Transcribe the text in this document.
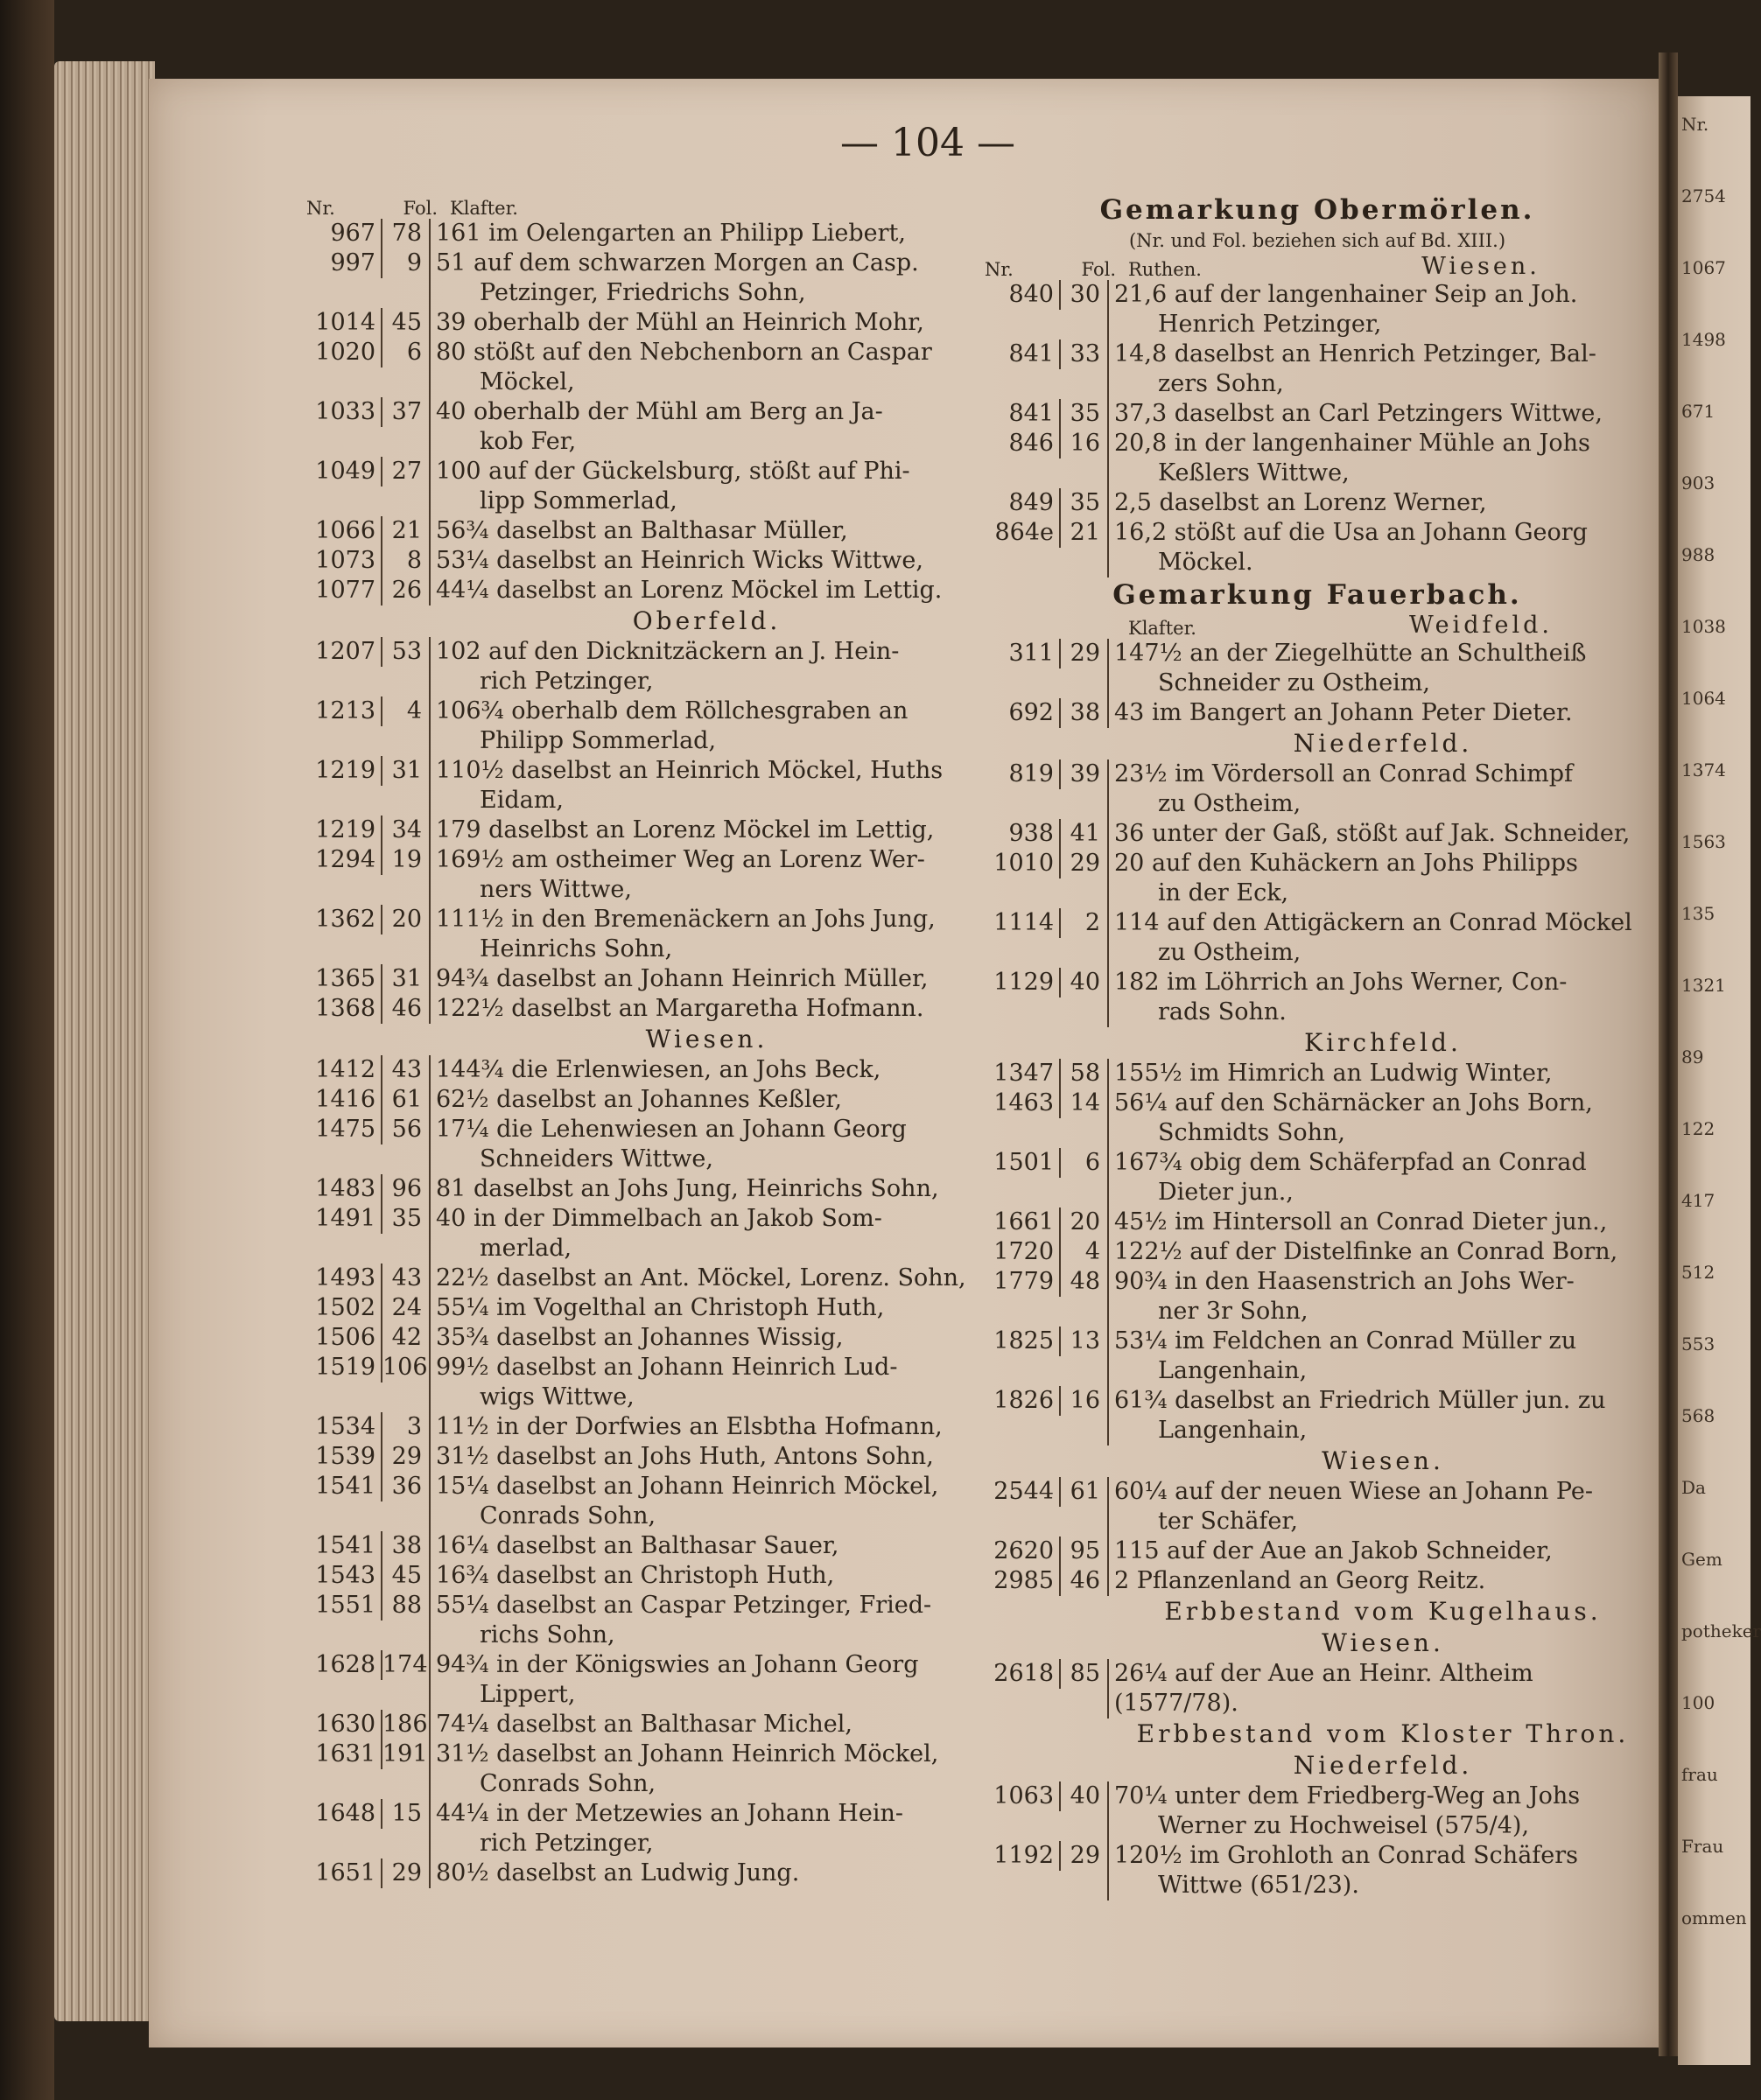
Nr.
2754
1067
1498
671
903
988
1038
1064
1374
1563
135
1321
89
122
417
512
553
568
Da
Gem
potheker
100
frau
Frau
ommen
— 104 —
Nr.	Fol. Klafter.
967 78 161 im Oelengarten an Philipp Liebert,
997	9 51 auf dem schwarzen Morgen an Casp.
Petzinger, Friedrichs Sohn,
1014 45 39 oberhalb der Mühl an Heinrich Mohr,
1020	6 80 stößt auf den Nebchenborn an Caspar
Möckel,
1033 37 40 oberhalb der Mühl am Berg an Ja-
kob Fer,
1049 27 100 auf der Gückelsburg, stößt auf Phi-
lipp Sommerlad,
1066 21 56¾ daselbst an Balthasar Müller,
1073	8 53¼ daselbst an Heinrich Wicks Wittwe,
1077 26 44¼ daselbst an Lorenz Möckel im Lettig.
Oberfeld.
1207 53 102 auf den Dicknitzäckern an J. Hein-
rich Petzinger,
1213	4 106¾ oberhalb dem Röllchesgraben an
Philipp Sommerlad,
1219 31 110½ daselbst an Heinrich Möckel, Huths
Eidam,
1219 34 179 daselbst an Lorenz Möckel im Lettig,
1294 19 169½ am ostheimer Weg an Lorenz Wer-
ners Wittwe,
1362 20 111½ in den Bremenäckern an Johs Jung,
Heinrichs Sohn,
1365 31 94¾ daselbst an Johann Heinrich Müller,
1368 46 122½ daselbst an Margaretha Hofmann.
Wiesen.
1412 43 144¾ die Erlenwiesen, an Johs Beck,
1416 61 62½ daselbst an Johannes Keßler,
1475 56 17¼ die Lehenwiesen an Johann Georg
Schneiders Wittwe,
1483 96 81 daselbst an Johs Jung, Heinrichs Sohn,
1491 35 40 in der Dimmelbach an Jakob Som-
merlad,
1493 43 22½ daselbst an Ant. Möckel, Lorenz. Sohn,
1502 24 55¼ im Vogelthal an Christoph Huth,
1506 42 35¾ daselbst an Johannes Wissig,
1519 106 99½ daselbst an Johann Heinrich Lud-
wigs Wittwe,
1534	3 11½ in der Dorfwies an Elsbtha Hofmann,
1539 29 31½ daselbst an Johs Huth, Antons Sohn,
1541 36 15¼ daselbst an Johann Heinrich Möckel,
Conrads Sohn,
1541 38 16¼ daselbst an Balthasar Sauer,
1543 45 16¾ daselbst an Christoph Huth,
1551 88 55¼ daselbst an Caspar Petzinger, Fried-
richs Sohn,
1628 174 94¾ in der Königswies an Johann Georg
Lippert,
1630 186 74¼ daselbst an Balthasar Michel,
1631 191 31½ daselbst an Johann Heinrich Möckel,
Conrads Sohn,
1648 15 44¼ in der Metzewies an Johann Hein-
rich Petzinger,
1651 29 80½ daselbst an Ludwig Jung.
Gemarkung Obermörlen.
(Nr. und Fol. beziehen sich auf Bd. XIII.)
Nr.	Fol. Ruthen.	Wiesen.
840 30 21,6 auf der langenhainer Seip an Joh.
Henrich Petzinger,
841 33 14,8 daselbst an Henrich Petzinger, Bal-
zers Sohn,
841 35 37,3 daselbst an Carl Petzingers Wittwe,
846 16 20,8 in der langenhainer Mühle an Johs
Keßlers Wittwe,
849 35 2,5 daselbst an Lorenz Werner,
864e 21 16,2 stößt auf die Usa an Johann Georg
Möckel.
Gemarkung Fauerbach.
Klafter.	Weidfeld.
311 29 147½ an der Ziegelhütte an Schultheiß
Schneider zu Ostheim,
692 38 43 im Bangert an Johann Peter Dieter.
Niederfeld.
819 39 23½ im Vördersoll an Conrad Schimpf
zu Ostheim,
938 41 36 unter der Gaß, stößt auf Jak. Schneider,
1010 29 20 auf den Kuhäckern an Johs Philipps
in der Eck,
1114	2 114 auf den Attigäckern an Conrad Möckel
zu Ostheim,
1129 40 182 im Löhrrich an Johs Werner, Con-
rads Sohn.
Kirchfeld.
1347 58 155½ im Himrich an Ludwig Winter,
1463 14 56¼ auf den Schärnäcker an Johs Born,
Schmidts Sohn,
1501	6 167¾ obig dem Schäferpfad an Conrad
Dieter jun.,
1661 20 45½ im Hintersoll an Conrad Dieter jun.,
1720	4 122½ auf der Distelfinke an Conrad Born,
1779 48 90¾ in den Haasenstrich an Johs Wer-
ner 3r Sohn,
1825 13 53¼ im Feldchen an Conrad Müller zu
Langenhain,
1826 16 61¾ daselbst an Friedrich Müller jun. zu
Langenhain,
Wiesen.
2544 61 60¼ auf der neuen Wiese an Johann Pe-
ter Schäfer,
2620 95 115 auf der Aue an Jakob Schneider,
2985 46 2 Pflanzenland an Georg Reitz.
Erbbestand vom Kugelhaus.
Wiesen.
2618 85 26¼ auf der Aue an Heinr. Altheim (1577/78).
Erbbestand vom Kloster Thron.
Niederfeld.
1063 40 70¼ unter dem Friedberg-Weg an Johs
Werner zu Hochweisel (575/4),
1192 29 120½ im Grohloth an Conrad Schäfers
Wittwe (651/23).
